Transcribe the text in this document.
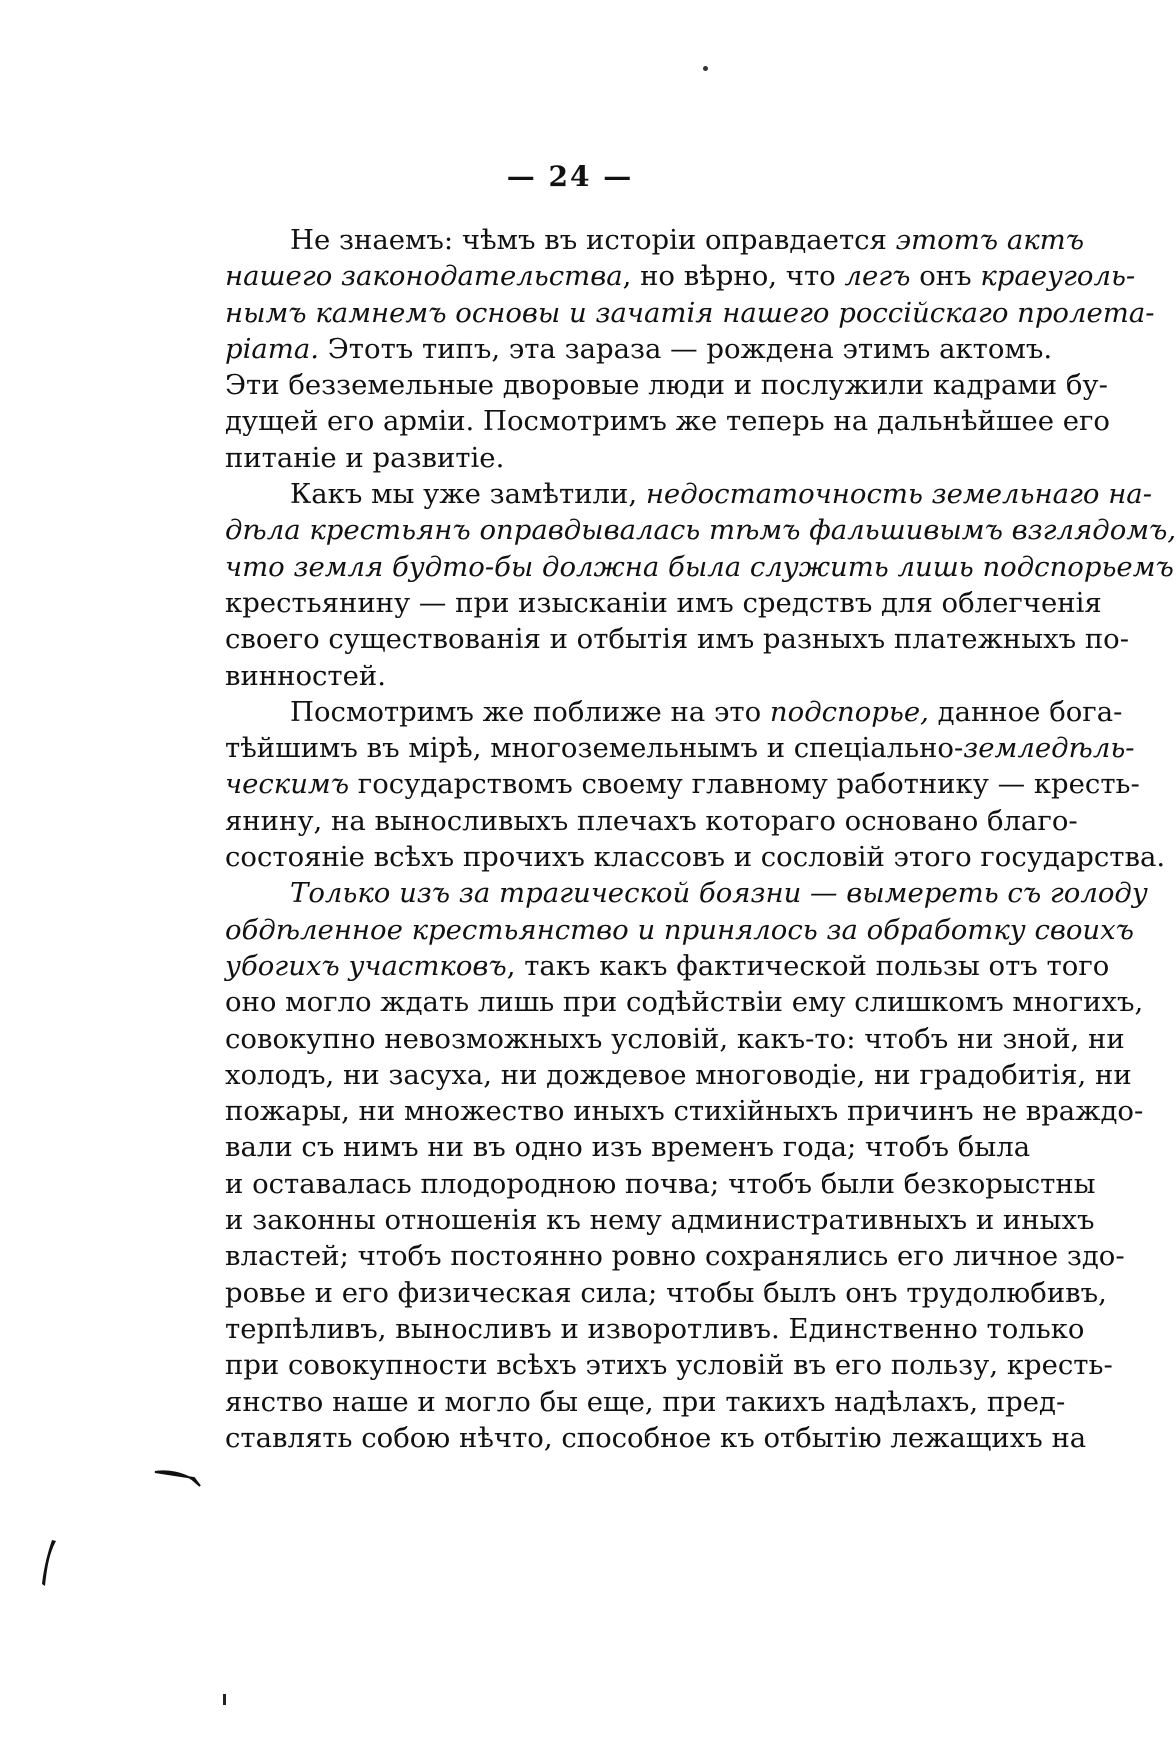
— 24 —
Не знаемъ: чѣмъ въ исторіи оправдается этотъ актъ
нашего законодательства, но вѣрно, что легъ онъ краеуголь-
нымъ камнемъ основы и зачатія нашего россійскаго пролета-
ріата. Этотъ типъ, эта зараза — рождена этимъ актомъ.
Эти безземельные дворовые люди и послужили кадрами бу-
дущей его арміи. Посмотримъ же теперь на дальнѣйшее его
питаніе и развитіе.
Какъ мы уже замѣтили, недостаточность земельнаго на-
дѣла крестьянъ оправдывалась тѣмъ фальшивымъ взглядомъ,
что земля будто-бы должна была служить лишь подспорьемъ
крестьянину — при изысканіи имъ средствъ для облегченія
своего существованія и отбытія имъ разныхъ платежныхъ по-
винностей.
Посмотримъ же поближе на это подспорье, данное бога-
тѣйшимъ въ мірѣ, многоземельнымъ и спеціально-земледѣль-
ческимъ государствомъ своему главному работнику — кресть-
янину, на выносливыхъ плечахъ котораго основано благо-
состояніе всѣхъ прочихъ классовъ и сословій этого государства.
Только изъ за трагической боязни — вымереть съ голоду
обдѣленное крестьянство и принялось за обработку своихъ
убогихъ участковъ, такъ какъ фактической пользы отъ того
оно могло ждать лишь при содѣйствіи ему слишкомъ многихъ,
совокупно невозможныхъ условій, какъ-то: чтобъ ни зной, ни
холодъ, ни засуха, ни дождевое многоводіе, ни градобитія, ни
пожары, ни множество иныхъ стихійныхъ причинъ не враждо-
вали съ нимъ ни въ одно изъ временъ года; чтобъ была
и оставалась плодородною почва; чтобъ были безкорыстны
и законны отношенія къ нему административныхъ и иныхъ
властей; чтобъ постоянно ровно сохранялись его личное здо-
ровье и его физическая сила; чтобы былъ онъ трудолюбивъ,
терпѣливъ, выносливъ и изворотливъ. Единственно только
при совокупности всѣхъ этихъ условій въ его пользу, кресть-
янство наше и могло бы еще, при такихъ надѣлахъ, пред-
ставлять собою нѣчто, способное къ отбытію лежащихъ на
